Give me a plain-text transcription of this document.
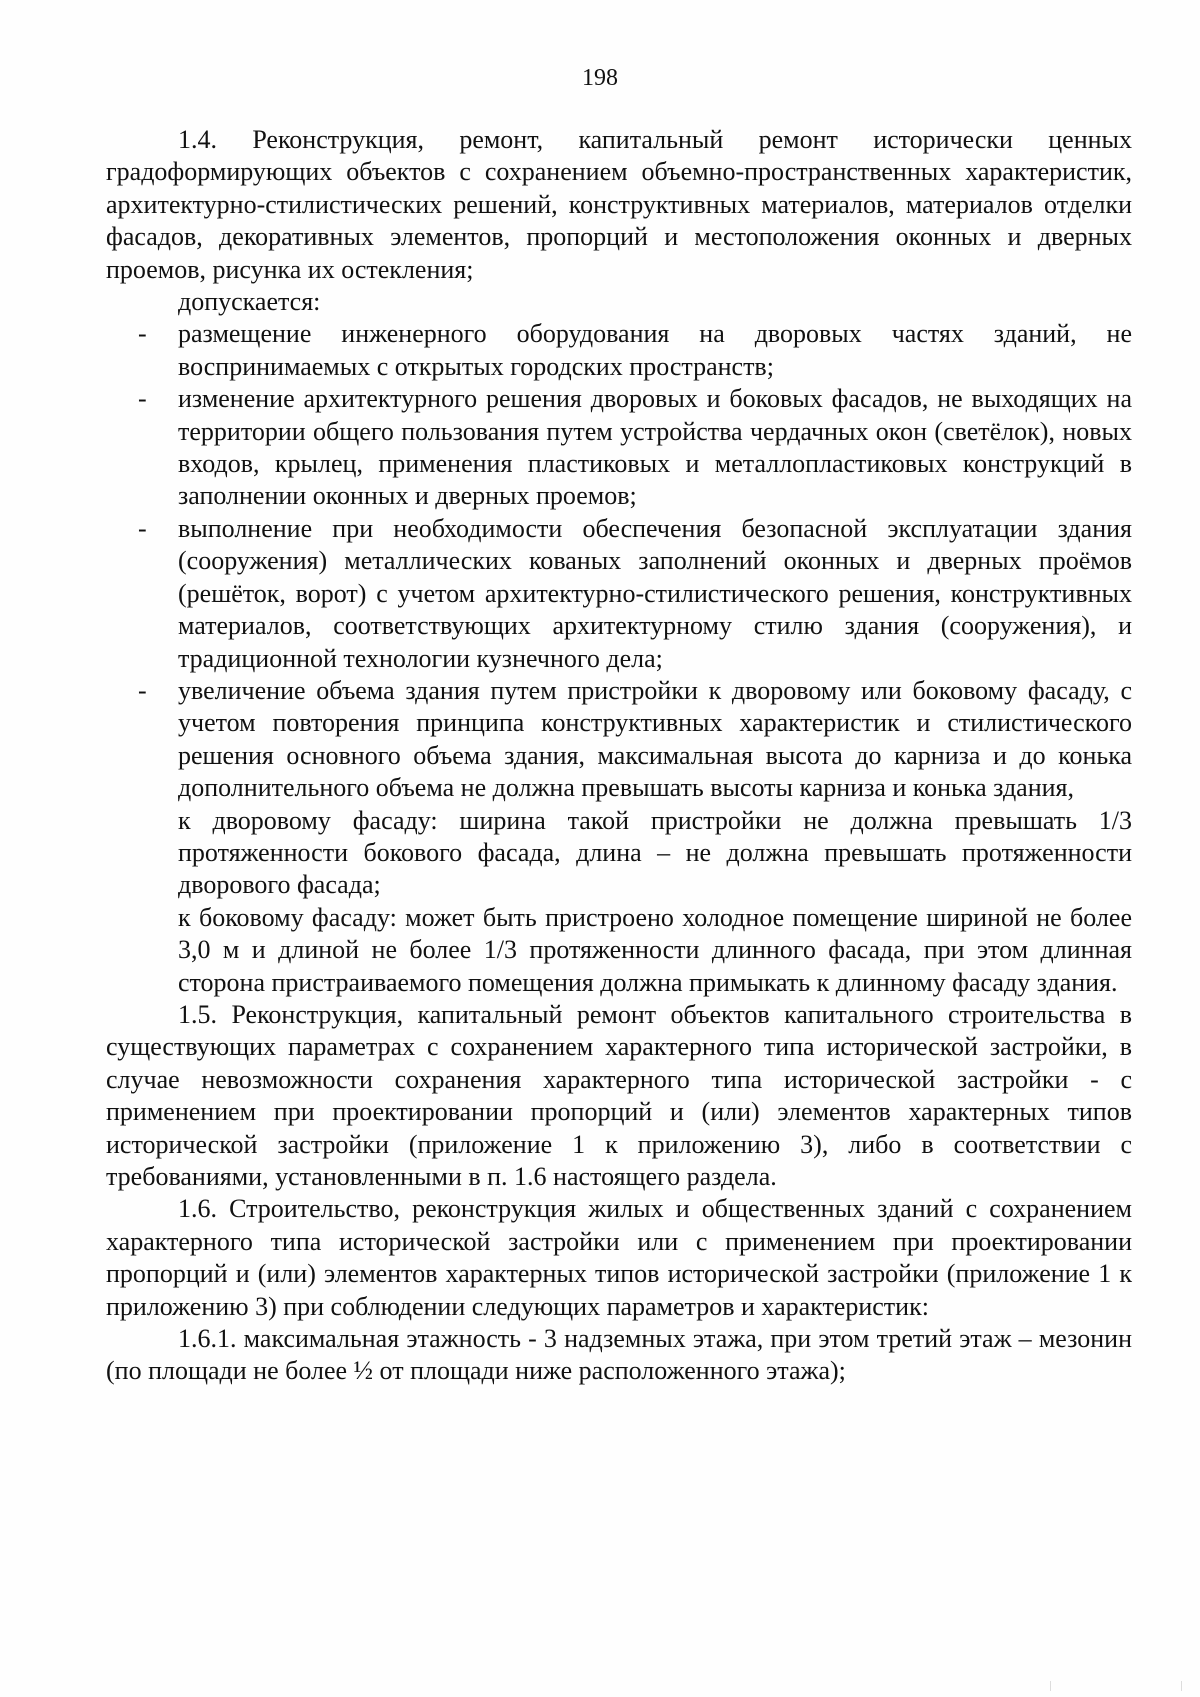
198

1.4. Реконструкция, ремонт, капитальный ремонт исторически ценных градоформирующих объектов с сохранением объемно-пространственных характеристик, архитектурно-стилистических решений, конструктивных материалов, материалов отделки фасадов, декоративных элементов, пропорций и местоположения оконных и дверных проемов, рисунка их остекления;

допускается:

- размещение инженерного оборудования на дворовых частях зданий, не воспринимаемых с открытых городских пространств;
- изменение архитектурного решения дворовых и боковых фасадов, не выходящих на территории общего пользования путем устройства чердачных окон (светёлок), новых входов, крылец, применения пластиковых и металлопластиковых конструкций в заполнении оконных и дверных проемов;
- выполнение при необходимости обеспечения безопасной эксплуатации здания (сооружения) металлических кованых заполнений оконных и дверных проёмов (решёток, ворот) с учетом архитектурно-стилистического решения, конструктивных материалов, соответствующих архитектурному стилю здания (сооружения), и традиционной технологии кузнечного дела;
- увеличение объема здания путем пристройки к дворовому или боковому фасаду, с учетом повторения принципа конструктивных характеристик и стилистического решения основного объема здания, максимальная высота до карниза и до конька дополнительного объема не должна превышать высоты карниза и конька здания,

к дворовому фасаду: ширина такой пристройки не должна превышать 1/3 протяженности бокового фасада, длина – не должна превышать протяженности дворового фасада;

к боковому фасаду: может быть пристроено холодное помещение шириной не более 3,0 м и длиной не более 1/3 протяженности длинного фасада, при этом длинная сторона пристраиваемого помещения должна примыкать к длинному фасаду здания.

1.5. Реконструкция, капитальный ремонт объектов капитального строительства в существующих параметрах с сохранением характерного типа исторической застройки, в случае невозможности сохранения характерного типа исторической застройки - с применением при проектировании пропорций и (или) элементов характерных типов исторической застройки (приложение 1 к приложению 3), либо в соответствии с требованиями, установленными в п. 1.6 настоящего раздела.

1.6. Строительство, реконструкция жилых и общественных зданий с сохранением характерного типа исторической застройки или с применением при проектировании пропорций и (или) элементов характерных типов исторической застройки (приложение 1 к приложению 3) при соблюдении следующих параметров и характеристик:

1.6.1. максимальная этажность - 3 надземных этажа, при этом третий этаж – мезонин (по площади не более ½ от площади ниже расположенного этажа);
